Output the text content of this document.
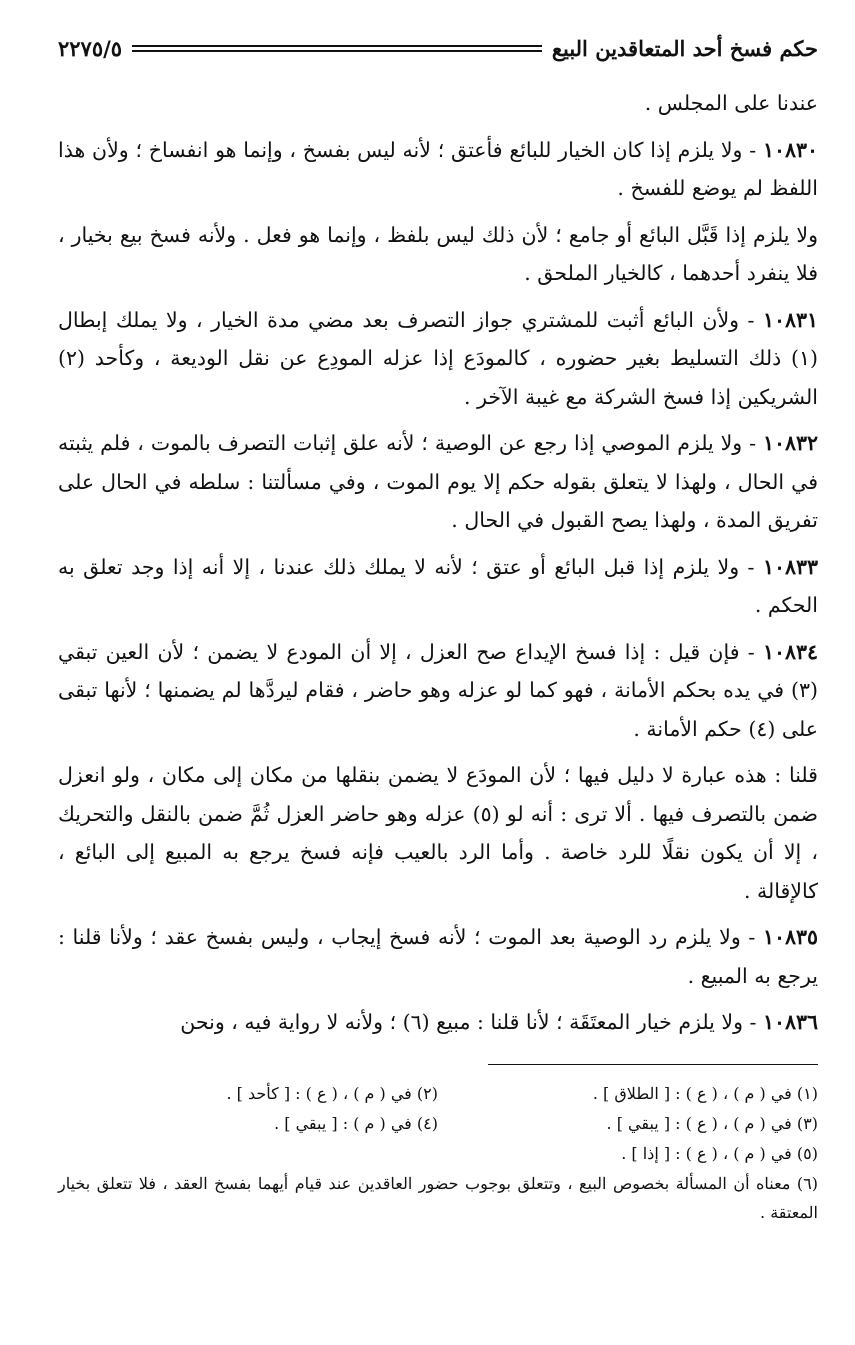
حكم فسخ أحد المتعاقدين البيع
٢٢٧٥/٥

عندنا على المجلس .

١٠٨٣٠ - ولا يلزم إذا كان الخيار للبائع فأعتق ؛ لأنه ليس بفسخ ، وإنما هو انفساخ ؛ ولأن هذا اللفظ لم يوضع للفسخ .

ولا يلزم إذا قَبَّل البائع أو جامع ؛ لأن ذلك ليس بلفظ ، وإنما هو فعل . ولأنه فسخ بيع بخيار ، فلا ينفرد أحدهما ، كالخيار الملحق .

١٠٨٣١ - ولأن البائع أثبت للمشتري جواز التصرف بعد مضي مدة الخيار ، ولا يملك إبطال (١) ذلك التسليط بغير حضوره ، كالمودَع إذا عزله المودِع عن نقل الوديعة ، وكأحد (٢) الشريكين إذا فسخ الشركة مع غيبة الآخر .

١٠٨٣٢ - ولا يلزم الموصي إذا رجع عن الوصية ؛ لأنه علق إثبات التصرف بالموت ، فلم يثبته في الحال ، ولهذا لا يتعلق بقوله حكم إلا يوم الموت ، وفي مسألتنا : سلطه في الحال على تفريق المدة ، ولهذا يصح القبول في الحال .

١٠٨٣٣ - ولا يلزم إذا قبل البائع أو عتق ؛ لأنه لا يملك ذلك عندنا ، إلا أنه إذا وجد تعلق به الحكم .

١٠٨٣٤ - فإن قيل : إذا فسخ الإيداع صح العزل ، إلا أن المودع لا يضمن ؛ لأن العين تبقي (٣) في يده بحكم الأمانة ، فهو كما لو عزله وهو حاضر ، فقام ليردَّها لم يضمنها ؛ لأنها تبقى على (٤) حكم الأمانة .

قلنا : هذه عبارة لا دليل فيها ؛ لأن المودَع لا يضمن بنقلها من مكان إلى مكان ، ولو انعزل ضمن بالتصرف فيها . ألا ترى : أنه لو (٥) عزله وهو حاضر العزل ثُمَّ ضمن بالنقل والتحريك ، إلا أن يكون نقلًا للرد خاصة . وأما الرد بالعيب فإنه فسخ يرجع به المبيع إلى البائع ، كالإقالة .

١٠٨٣٥ - ولا يلزم رد الوصية بعد الموت ؛ لأنه فسخ إيجاب ، وليس بفسخ عقد ؛ ولأنا قلنا : يرجع به المبيع .

١٠٨٣٦ - ولا يلزم خيار المعتَقَة ؛ لأنا قلنا : مبيع (٦) ؛ ولأنه لا رواية فيه ، ونحن

(١) في ( م ) ، ( ع ) : [ الطلاق ] .
(٢) في ( م ) ، ( ع ) : [ كأحد ] .
(٣) في ( م ) ، ( ع ) : [ يبقي ] .
(٤) في ( م ) : [ يبقي ] .
(٥) في ( م ) ، ( ع ) : [ إذا ] .
(٦) معناه أن المسألة بخصوص البيع ، وتتعلق بوجوب حضور العاقدين عند قيام أيهما بفسخ العقد ، فلا تتعلق بخيار المعتقة .
